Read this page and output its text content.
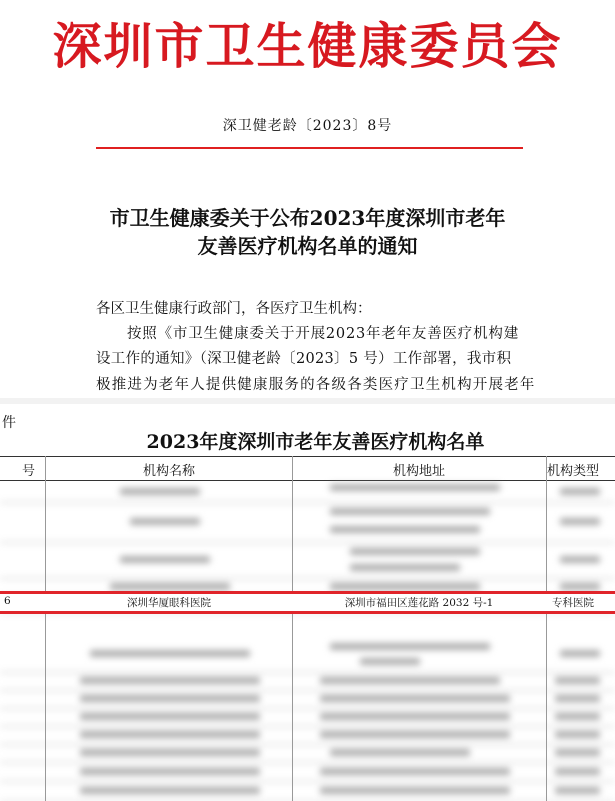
深圳市卫生健康委员会
深卫健老龄〔2023〕8号
市卫生健康委关于公布2023年度深圳市老年
友善医疗机构名单的通知
各区卫生健康行政部门，各医疗卫生机构：
按照《市卫生健康委关于开展2023年老年友善医疗机构建
设工作的通知》（深卫健老龄〔2023〕5 号）工作部署，我市积
极推进为老年人提供健康服务的各级各类医疗卫生机构开展老年
件
2023年度深圳市老年友善医疗机构名单
号	机构名称	机构地址	机构类型
6	深圳华厦眼科医院	深圳市福田区莲花路 2032 号-1	专科医院
